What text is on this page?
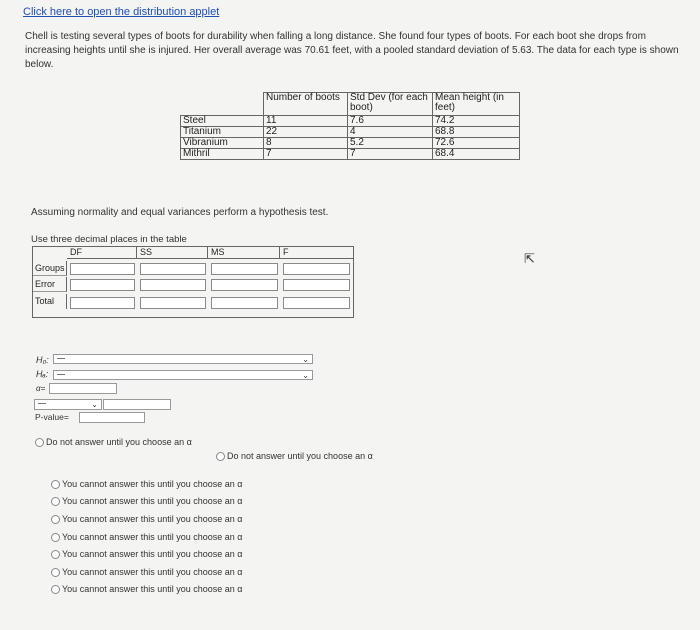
Click here to open the distribution applet
Chell is testing several types of boots for durability when falling a long distance. She found four types of boots. For each boot she drops from increasing heights until she is injured. Her overall average was 70.61 feet, with a pooled standard deviation of 5.63. The data for each type is shown below.
	Number of boots	Std Dev (for each boot)	Mean height (in feet)
Steel	11	7.6	74.2
Titanium	22	4	68.8
Vibranium	8	5.2	72.6
Mithril	7	7	68.4
Assuming normality and equal variances perform a hypothesis test.
Use three decimal places in the table
DF	SS	MS	F
Groups
Error
Total
H₀:	⌄
Hₐ:	⌄
α=
⌄
P-value=
Do not answer until you choose an α
Do not answer until you choose an α
You cannot answer this until you choose an α
You cannot answer this until you choose an α
You cannot answer this until you choose an α
You cannot answer this until you choose an α
You cannot answer this until you choose an α
You cannot answer this until you choose an α
You cannot answer this until you choose an α
⇱
